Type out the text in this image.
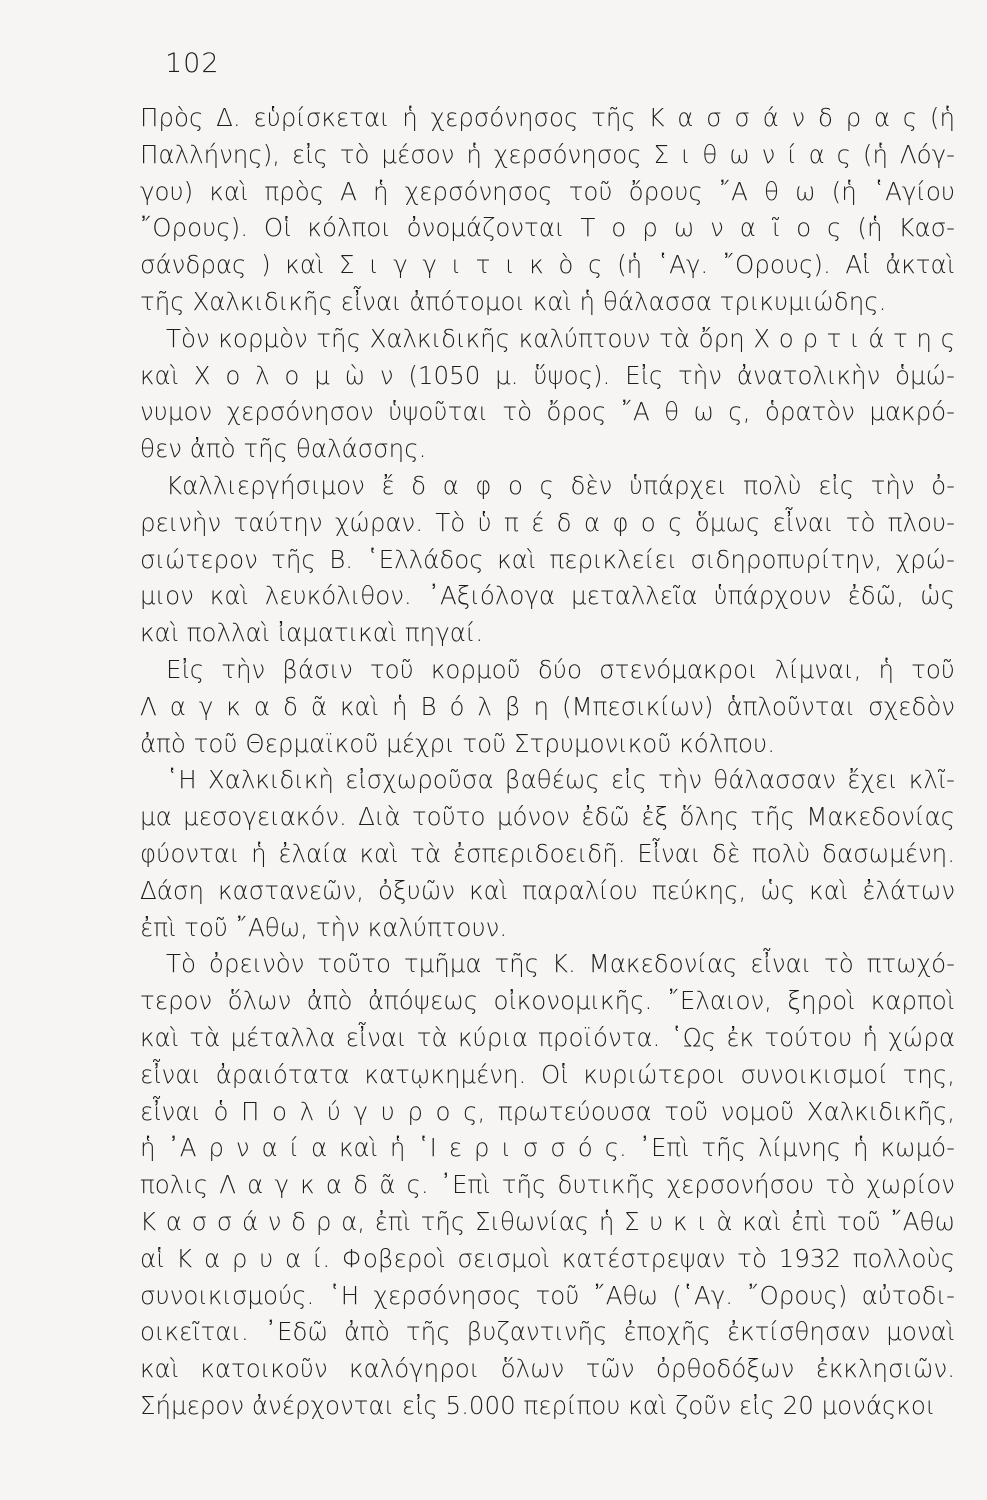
102
Πρὸς Δ. εὑρίσκεται ἡ χερσόνησος τῆς Κ α σ σ ά ν δ ρ α ς (ἡ
Παλλήνης), εἰς τὸ μέσον ἡ χερσόνησος Σ ι θ ω ν ί α ς (ἡ Λόγ-
γου) καὶ πρὸς Α ἡ χερσόνησος τοῦ ὄρους ῎Α θ ω (ἡ ῾Αγίου
῎Ορους). Οἱ κόλποι ὀνομάζονται Τ ο ρ ω ν α ῖ ο ς (ἡ Κασ-
σάνδρας ) καὶ Σ ι γ γ ι τ ι κ ὸ ς (ἡ ῾Αγ. ῎Ορους). Αἱ ἀκταὶ
τῆς Χαλκιδικῆς εἶναι ἀπότομοι καὶ ἡ θάλασσα τρικυμιώδης.
Τὸν κορμὸν τῆς Χαλκιδικῆς καλύπτουν τὰ ὄρη Χ ο ρ τ ι ά τ η ς
καὶ Χ ο λ ο μ ὼ ν (1050 μ. ὕψος). Εἰς τὴν ἀνατολικὴν ὁμώ-
νυμον χερσόνησον ὑψοῦται τὸ ὄρος ῎Α θ ω ς, ὁρατὸν μακρό-
θεν ἀπὸ τῆς θαλάσσης.
Καλλιεργήσιμον ἔ δ α φ ο ς δὲν ὑπάρχει πολὺ εἰς τὴν ὀ-
ρεινὴν ταύτην χώραν. Τὸ ὑ π έ δ α φ ο ς ὅμως εἶναι τὸ πλου-
σιώτερον τῆς Β. ῾Ελλάδος καὶ περικλείει σιδηροπυρίτην, χρώ-
μιον καὶ λευκόλιθον. ᾽Αξιόλογα μεταλλεῖα ὑπάρχουν ἐδῶ, ὡς
καὶ πολλαὶ ἰαματικαὶ πηγαί.
Εἰς τὴν βάσιν τοῦ κορμοῦ δύο στενόμακροι λίμναι, ἡ τοῦ
Λ α γ κ α δ ᾶ καὶ ἡ Β ό λ β η (Μπεσικίων) ἁπλοῦνται σχεδὸν
ἀπὸ τοῦ Θερμαϊκοῦ μέχρι τοῦ Στρυμονικοῦ κόλπου.
῾Η Χαλκιδικὴ εἰσχωροῦσα βαθέως εἰς τὴν θάλασσαν ἔχει κλῖ-
μα μεσογειακόν. Διὰ τοῦτο μόνον ἐδῶ ἐξ ὅλης τῆς Μακεδονίας
φύονται ἡ ἐλαία καὶ τὰ ἐσπεριδοειδῆ. Εἶναι δὲ πολὺ δασωμένη.
Δάση καστανεῶν, ὀξυῶν καὶ παραλίου πεύκης, ὡς καὶ ἐλάτων
ἐπὶ τοῦ ῎Αθω, τὴν καλύπτουν.
Τὸ ὀρεινὸν τοῦτο τμῆμα τῆς Κ. Μακεδονίας εἶναι τὸ πτωχό-
τερον ὅλων ἀπὸ ἀπόψεως οἰκονομικῆς. ῎Ελαιον, ξηροὶ καρποὶ
καὶ τὰ μέταλλα εἶναι τὰ κύρια προϊόντα. ῾Ως ἐκ τούτου ἡ χώρα
εἶναι ἀραιότατα κατῳκημένη. Οἱ κυριώτεροι συνοικισμοί της,
εἶναι ὁ Π ο λ ύ γ υ ρ ο ς, πρωτεύουσα τοῦ νομοῦ Χαλκιδικῆς,
ἡ ᾽Α ρ ν α ί α καὶ ἡ ῾Ι ε ρ ι σ σ ό ς. ᾽Επὶ τῆς λίμνης ἡ κωμό-
πολις Λ α γ κ α δ ᾶ ς. ᾽Επὶ τῆς δυτικῆς χερσονήσου τὸ χωρίον
Κ α σ σ ά ν δ ρ α, ἐπὶ τῆς Σιθωνίας ἡ Σ υ κ ι ὰ καὶ ἐπὶ τοῦ ῎Αθω
αἱ Κ α ρ υ α ί. Φοβεροὶ σεισμοὶ κατέστρεψαν τὸ 1932 πολλοὺς
συνοικισμούς. ῾Η χερσόνησος τοῦ ῎Αθω (῾Αγ. ῎Ορους) αὐτοδι-
οικεῖται. ᾽Εδῶ ἀπὸ τῆς βυζαντινῆς ἐποχῆς ἐκτίσθησαν μοναὶ
καὶ κατοικοῦν καλόγηροι ὅλων τῶν ὀρθοδόξων ἐκκλησιῶν.
Σήμερον ἀνέρχονται εἰς 5.000 περίπου καὶ ζοῦν εἰς 20 μονάςκοι
